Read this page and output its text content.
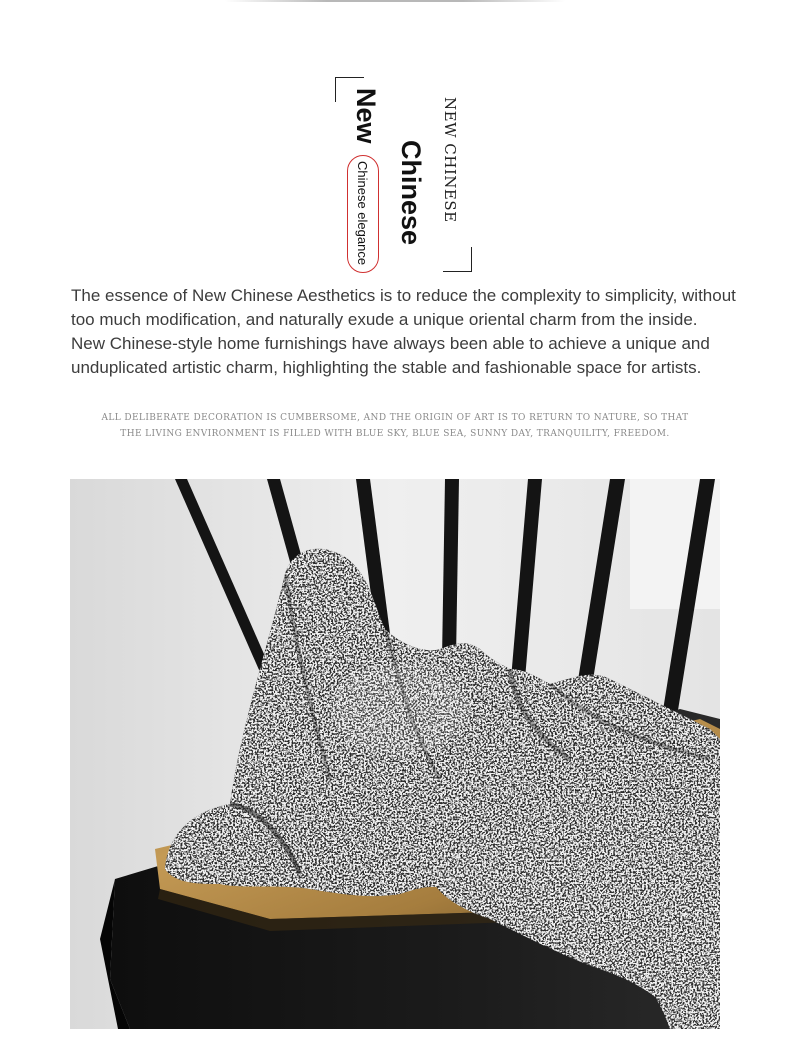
New
Chinese NEW CHINESE
Chinese elegance

The essence of New Chinese Aesthetics is to reduce the complexity to simplicity, without too much modification, and naturally exude a unique oriental charm from the inside. New Chinese-style home furnishings have always been able to achieve a unique and unduplicated artistic charm, highlighting the stable and fashionable space for artists.

ALL DELIBERATE DECORATION IS CUMBERSOME, AND THE ORIGIN OF ART IS TO RETURN TO NATURE, SO THAT THE LIVING ENVIRONMENT IS FILLED WITH BLUE SKY, BLUE SEA, SUNNY DAY, TRANQUILITY, FREEDOM.
